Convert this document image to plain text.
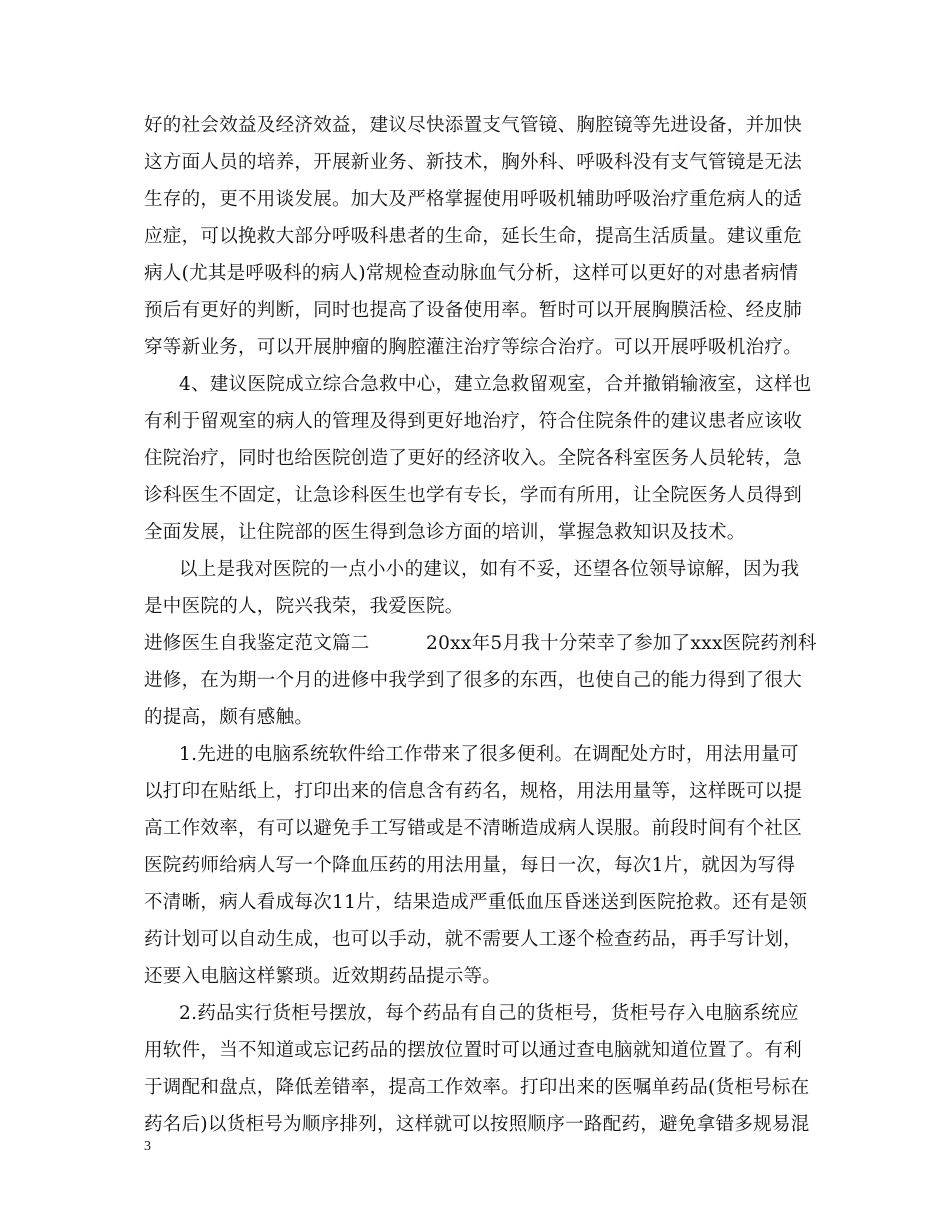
好的社会效益及经济效益，建议尽快添置支气管镜、胸腔镜等先进设备，并加快
这方面人员的培养，开展新业务、新技术，胸外科、呼吸科没有支气管镜是无法
生存的，更不用谈发展。加大及严格掌握使用呼吸机辅助呼吸治疗重危病人的适
应症，可以挽救大部分呼吸科患者的生命，延长生命，提高生活质量。建议重危
病人(尤其是呼吸科的病人)常规检查动脉血气分析，这样可以更好的对患者病情
预后有更好的判断，同时也提高了设备使用率。暂时可以开展胸膜活检、经皮肺
穿等新业务，可以开展肿瘤的胸腔灌注治疗等综合治疗。可以开展呼吸机治疗。
4、建议医院成立综合急救中心，建立急救留观室，合并撤销输液室，这样也
有利于留观室的病人的管理及得到更好地治疗，符合住院条件的建议患者应该收
住院治疗，同时也给医院创造了更好的经济收入。全院各科室医务人员轮转，急
诊科医生不固定，让急诊科医生也学有专长，学而有所用，让全院医务人员得到
全面发展，让住院部的医生得到急诊方面的培训，掌握急救知识及技术。
以上是我对医院的一点小小的建议，如有不妥，还望各位领导谅解，因为我
是中医院的人，院兴我荣，我爱医院。
进修医生自我鉴定范文篇二　　　20xx年5月我十分荣幸了参加了xxx医院药剂科
进修，在为期一个月的进修中我学到了很多的东西，也使自己的能力得到了很大
的提高，颇有感触。
1.先进的电脑系统软件给工作带来了很多便利。在调配处方时，用法用量可
以打印在贴纸上，打印出来的信息含有药名，规格，用法用量等，这样既可以提
高工作效率，有可以避免手工写错或是不清晰造成病人误服。前段时间有个社区
医院药师给病人写一个降血压药的用法用量，每日一次，每次1片，就因为写得
不清晰，病人看成每次11片，结果造成严重低血压昏迷送到医院抢救。还有是领
药计划可以自动生成，也可以手动，就不需要人工逐个检查药品，再手写计划，
还要入电脑这样繁琐。近效期药品提示等。
2.药品实行货柜号摆放，每个药品有自己的货柜号，货柜号存入电脑系统应
用软件，当不知道或忘记药品的摆放位置时可以通过查电脑就知道位置了。有利
于调配和盘点，降低差错率，提高工作效率。打印出来的医嘱单药品(货柜号标在
药名后)以货柜号为顺序排列，这样就可以按照顺序一路配药，避免拿错多规易混
3
